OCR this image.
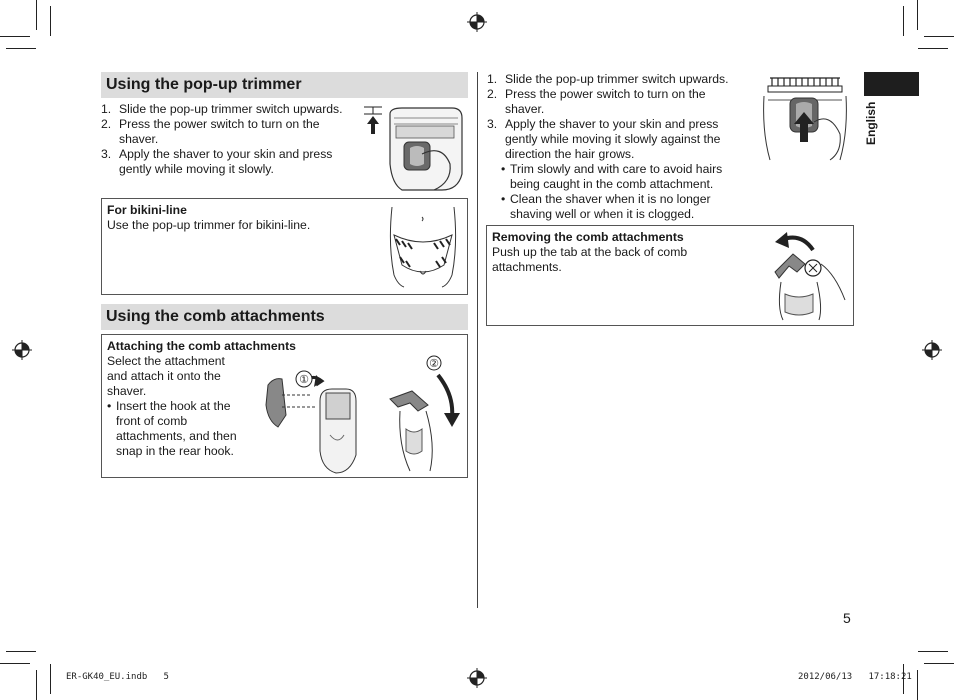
Using the pop-up trimmer
1. Slide the pop-up trimmer switch upwards.
2. Press the power switch to turn on the shaver.
3. Apply the shaver to your skin and press gently while moving it slowly.
For bikini-line
Use the pop-up trimmer for bikini-line.
Using the comb attachments
Attaching the comb attachments
Select the attachment and attach it onto the shaver.
• Insert the hook at the front of comb attachments, and then snap in the rear hook.
①
②
1. Slide the pop-up trimmer switch upwards.
2. Press the power switch to turn on the shaver.
3. Apply the shaver to your skin and press gently while moving it slowly against the direction the hair grows.
• Trim slowly and with care to avoid hairs being caught in the comb attachment.
• Clean the shaver when it is no longer shaving well or when it is clogged.
Removing the comb attachments
Push up the tab at the back of comb attachments.
English
5
ER-GK40_EU.indb   5	2012/06/13   17:18:21
